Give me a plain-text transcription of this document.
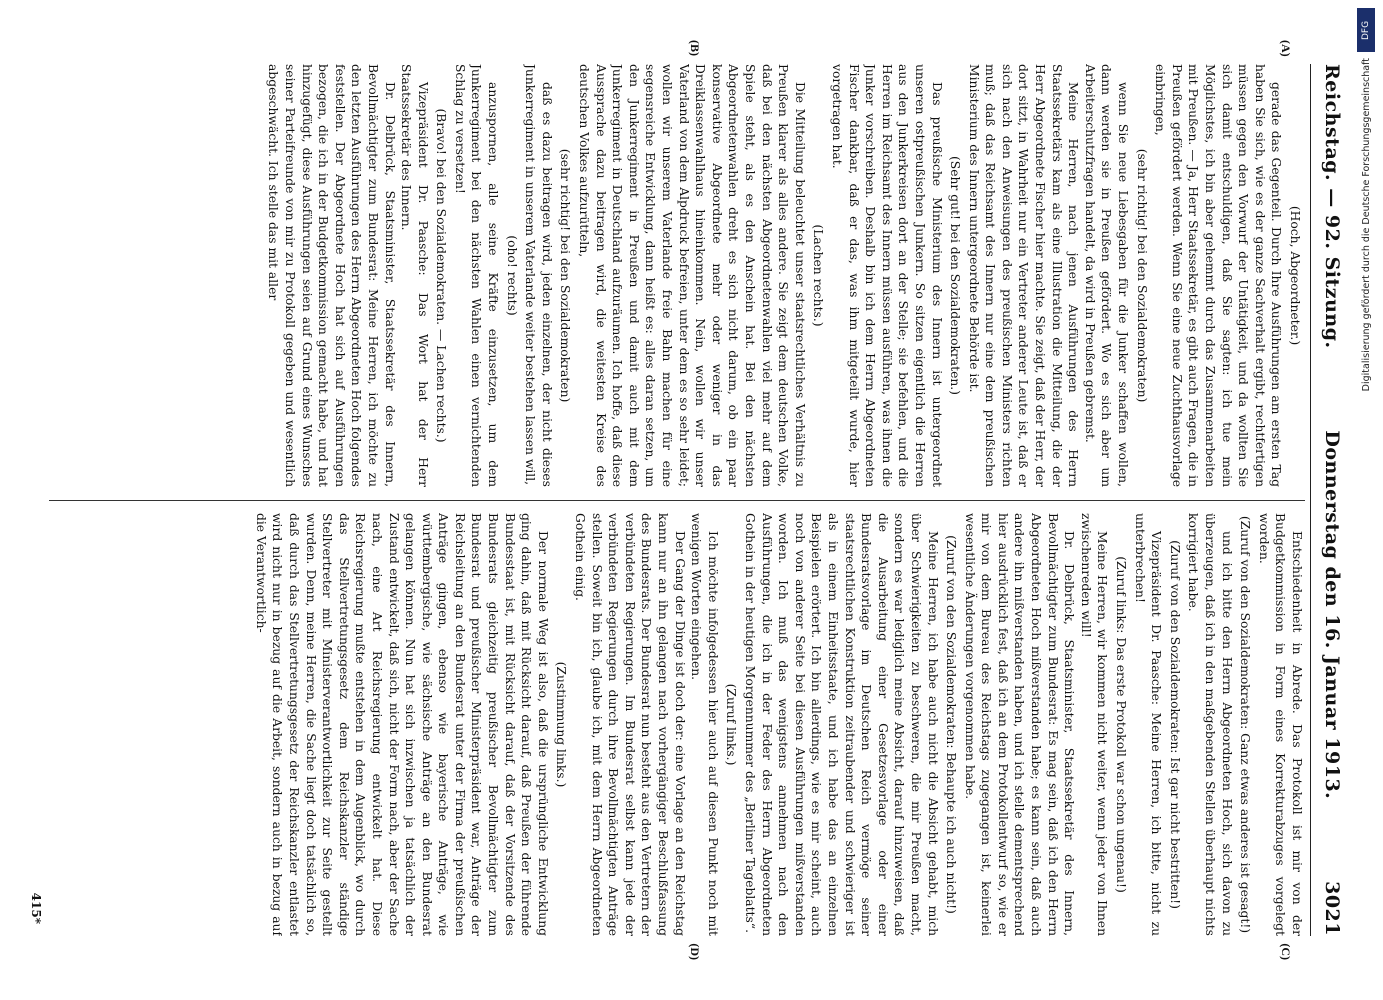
Reichstag. — 92. Sitzung.
Donnerstag den 16. Januar 1913.
3021
(A)
(B)
(C)
(D)

(Hoch, Abgeordneter.)

gerade das Gegenteil. Durch Ihre Ausführungen am ersten Tag haben Sie sich, wie es der ganze Sachverhalt ergibt, rechtfertigen müssen gegen den Vorwurf der Untätigkeit, und da wollten Sie sich damit entschuldigen, daß Sie sagten: ich tue mein Möglichstes, ich bin aber gehemmt durch das Zusammenarbeiten mit Preußen. — Ja, Herr Staatssekretär, es gibt auch Fragen, die in Preußen gefördert werden. Wenn Sie eine neue Zuchthausvorlage einbringen,

(sehr richtig! bei den Sozialdemokraten)

wenn Sie neue Liebesgaben für die Junker schaffen wollen, dann werden sie in Preußen gefördert. Wo es sich aber um Arbeiterschutzfragen handelt, da wird in Preußen gebremst.

Meine Herren, nach jenen Ausführungen des Herrn Staatssekretärs kam als eine Illustration die Mitteilung, die der Herr Abgeordnete Fischer hier machte. Sie zeigt, daß der Herr, der dort sitzt, in Wahrheit nur ein Vertreter anderer Leute ist, daß er sich nach den Anweisungen des preußischen Ministers richten muß; daß das Reichsamt des Innern nur eine dem preußischen Ministerium des Innern untergeordnete Behörde ist.

(Sehr gut! bei den Sozialdemokraten.)

Das preußische Ministerium des Innern ist untergeordnet unseren ostpreußischen Junkern. So sitzen eigentlich die Herren aus den Junkerkreisen dort an der Stelle; sie befehlen, und die Herren im Reichsamt des Innern müssen ausführen, was ihnen die Junker vorschreiben. Deshalb bin ich dem Herrn Abgeordneten Fischer dankbar, daß er das, was ihm mitgeteilt wurde, hier vorgetragen hat.

(Lachen rechts.)

Die Mitteilung beleuchtet unser staatsrechtliches Verhältnis zu Preußen klarer als alles andere. Sie zeigt dem deutschen Volke, daß bei den nächsten Abgeordnetenwahlen viel mehr auf dem Spiele steht, als es den Anschein hat. Bei den nächsten Abgeordnetenwahlen dreht es sich nicht darum, ob ein paar konservative Abgeordnete mehr oder weniger in das Dreiklassenwahlhaus hineinkommen. Nein, wollen wir unser Vaterland von dem Alpdruck befreien, unter dem es so sehr leidet; wollen wir unserem Vaterlande freie Bahn machen für eine segensreiche Entwicklung, dann heißt es: alles daran setzen, um den Junkerregiment in Preußen und damit auch mit dem Junkerregiment in Deutschland aufzuräumen. Ich hoffe, daß diese Aussprache dazu beitragen wird, die weitesten Kreise des deutschen Volkes aufzurütteln,

(sehr richtig! bei den Sozialdemokraten)

daß es dazu beitragen wird, jeden einzelnen, der nicht dieses Junkerregiment in unserem Vaterlande weiter bestehen lassen will,

(oho! rechts)

anzuspornen, alle seine Kräfte einzusetzen, um dem Junkerregiment bei den nächsten Wahlen einen vernichtenden Schlag zu versetzen!

(Bravo! bei den Sozialdemokraten. — Lachen rechts.)

Vizepräsident Dr. Paasche: Das Wort hat der Herr Staatssekretär des Innern.

Dr. Delbrück, Staatsminister, Staatssekretär des Innern, Bevollmächtigter zum Bundesrat: Meine Herren, ich möchte zu den letzten Ausführungen des Herrn Abgeordneten Hoch folgendes feststellen. Der Abgeordnete Hoch hat sich auf Ausführungen bezogen, die ich in der Budgetkommission gemacht habe, und hat hinzugefügt, diese Ausführungen seien auf Grund eines Wunsches seiner Parteifreunde von mir zu Protokoll gegeben und wesentlich abgeschwächt. Ich stelle das mit aller

Entschiedenheit in Abrede. Das Protokoll ist mir von der Budgetkommission in Form eines Korrekturabzuges vorgelegt worden.

(Zuruf von den Sozialdemokraten: Ganz etwas anderes ist gesagt!)

und ich bitte den Herrn Abgeordneten Hoch, sich davon zu überzeugen, daß ich in den maßgebenden Stellen überhaupt nichts korrigiert habe.

(Zuruf von den Sozialdemokraten: Ist gar nicht bestritten!)

Vizepräsident Dr. Paasche: Meine Herren, ich bitte, nicht zu unterbrechen!

(Zuruf links: Das erste Protokoll war schon ungenau!)

Meine Herren, wir kommen nicht weiter, wenn jeder von Ihnen zwischenreden will!

Dr. Delbrück, Staatsminister, Staatssekretär des Innern, Bevollmächtigter zum Bundesrat: Es mag sein, daß ich den Herrn Abgeordneten Hoch mißverstanden habe; es kann sein, daß auch andere ihn mißverstanden haben, und ich stelle dementsprechend hier ausdrücklich fest, daß ich an dem Protokollentwurf so, wie er mir von dem Bureau des Reichstags zugegangen ist, keinerlei wesentliche Änderungen vorgenommen habe.

(Zuruf von den Sozialdemokraten: Behaupte ich auch nicht!)

Meine Herren, ich habe auch nicht die Absicht gehabt, mich über Schwierigkeiten zu beschweren, die mir Preußen macht, sondern es war lediglich meine Absicht, darauf hinzuweisen, daß die Ausarbeitung einer Gesetzesvorlage oder einer Bundesratsvorlage im Deutschen Reich vermöge seiner staatsrechtlichen Konstruktion zeitraubender und schwieriger ist als in einem Einheitsstaate, und ich habe das an einzelnen Beispielen erörtert. Ich bin allerdings, wie es mir scheint, auch noch von anderer Seite bei diesen Ausführungen mißverstanden worden. Ich muß das wenigstens annehmen nach den Ausführungen, die ich in der Feder des Herrn Abgeordneten Gothein in der heutigen Morgennummer des „Berliner Tageblatts“.

(Zuruf links.)

Ich möchte infolgedessen hier auch auf diesen Punkt noch mit wenigen Worten eingehen.

Der Gang der Dinge ist doch der: eine Vorlage an den Reichstag kann nur an ihn gelangen nach vorhergängiger Beschlußfassung des Bundesrats. Der Bundesrat nun besteht aus den Vertretern der verbündeten Regierungen. Im Bundesrat selbst kann jede der verbündeten Regierungen durch ihre Bevollmächtigten Anträge stellen. Soweit bin ich, glaube ich, mit dem Herrn Abgeordneten Gothein einig.

(Zustimmung links.)

Der normale Weg ist also, daß die ursprüngliche Entwicklung ging dahin, daß mit Rücksicht darauf, daß Preußen der führende Bundesstaat ist, mit Rücksicht darauf, daß der Vorsitzende des Bundesrats gleichzeitig preußischer Bevollmächtigter zum Bundesrat und preußischer Ministerpräsident war, Anträge der Reichsleitung an den Bundesrat unter der Firma der preußischen Anträge gingen, ebenso wie bayerische Anträge, wie württembergische, wie sächsische Anträge an den Bundesrat gelangen können. Nun hat sich inzwischen ja tatsächlich der Zustand entwickelt, daß sich, nicht der Form nach, aber der Sache nach, eine Art Reichsregierung entwickelt hat. Diese Reichsregierung mußte entstehen in dem Augenblick, wo durch das Stellvertretungsgesetz dem Reichskanzler ständige Stellvertreter mit Ministerverantwortlichkeit zur Seite gestellt wurden. Denn, meine Herren, die Sache liegt doch tatsächlich so, daß durch das Stellvertretungsgesetz der Reichskanzler entlastet wird nicht nur in bezug auf die Arbeit, sondern auch in bezug auf die Verantwortlich-

415*
DFG
Digitalisierung gefördert durch die Deutsche Forschungsgemeinschaft
